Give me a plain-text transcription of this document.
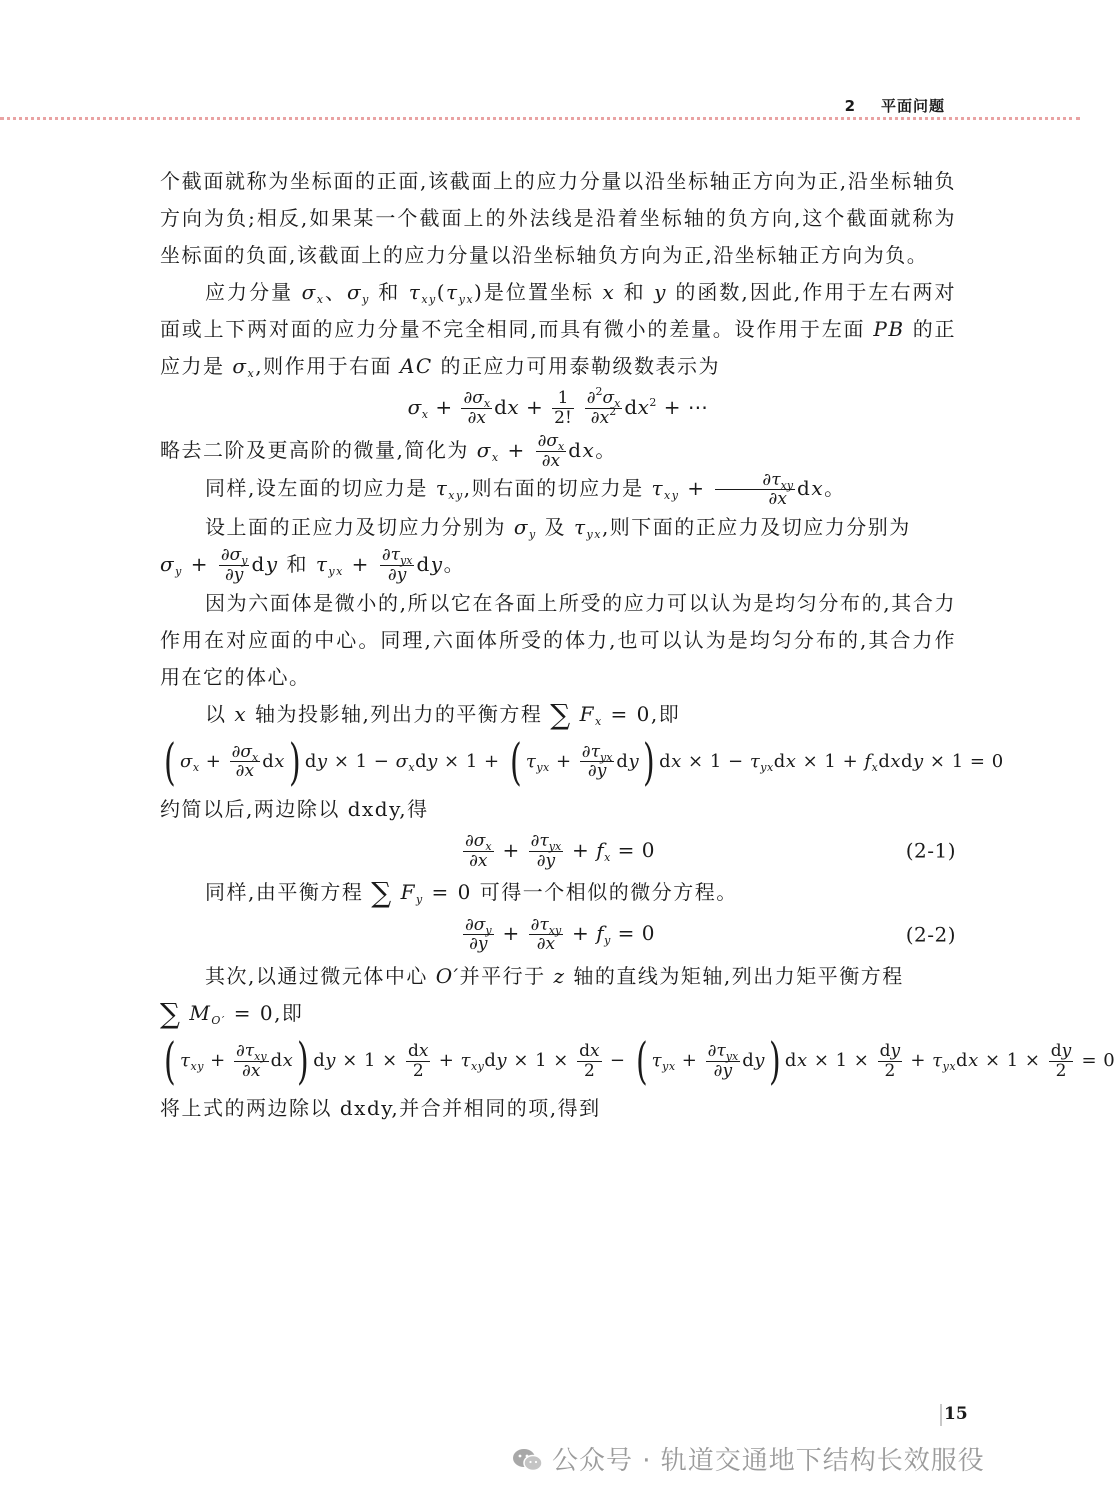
2 平面问题

个截面就称为坐标面的正面,该截面上的应力分量以沿坐标轴正方向为正,沿坐标轴负方向为负;相反,如果某一个截面上的外法线是沿着坐标轴的负方向,这个截面就称为坐标面的负面,该截面上的应力分量以沿坐标轴负方向为正,沿坐标轴正方向为负。

应力分量 $\sigma_x$、$\sigma_y$ 和 $\tau_{xy}(\tau_{yx})$是位置坐标 x 和 y 的函数,因此,作用于左右两对面或上下两对面的应力分量不完全相同,而具有微小的差量。设作用于左面 PB 的正应力是 $\sigma_x$,则作用于右面 AC 的正应力可用泰勒级数表示为

$\sigma_x + \frac{\partial\sigma_x}{\partial x}$ dx + $\frac{1}{2!}$
$\frac{\partial^2\sigma_x}{\partial x^2} dx^2$ + ⋯

略去二阶及更高阶的微量,简化为 $\sigma_x + \frac{\partial\sigma_x}{\partial x}$ dx。

同样,设左面的切应力是 $\tau_{xy}$,则右面的切应力是 $\tau_{xy} + \frac{\partial\tau_{xy}}{\partial x}$ dx。

设上面的正应力及切应力分别为 $\sigma_y$ 及 $\tau_{yx}$,则下面的正应力及切应力分别为

$\sigma_y + \frac{\partial\sigma_y}{\partial y}$ dy 和 $\tau_{yx} + \frac{\partial\tau_{yx}}{\partial y}$ dy。

因为六面体是微小的,所以它在各面上所受的应力可以认为是均匀分布的,其合力作用在对应面的中心。同理,六面体所受的体力,也可以认为是均匀分布的,其合力作用在它的体心。

以 x 轴为投影轴,列出力的平衡方程 ∑ $F_x = 0$,即

( $\sigma_x + \frac{\partial\sigma_x}{\partial x} dx$) dy × $1 - \sigma_xdy \times 1$ + ( $\tau_{yx} + \frac{\partial\tau_{yx}}{\partial y} dy$) dx × $1 - \tau_{yx}dx \times 1$ + $f_xdxdy \times 1 = 0$

约简以后,两边除以 dxdy,得

$\frac{\partial\sigma_x}{\partial x} + \frac{\partial\tau_{yx}}{\partial y} + f_x = 0$	(2-1)

同样,由平衡方程 ∑ $F_y = 0$ 可得一个相似的微分方程。

$\frac{\partial\sigma_y}{\partial y} + \frac{\partial\tau_{xy}}{\partial x} + f_y = 0$	(2-2)

其次,以通过微元体中心 O′并平行于 z 轴的直线为矩轴,列出力矩平衡方程

∑ $M_{O'} = 0$,即

( $\tau_{xy} + \frac{\partial\tau_{xy}}{\partial x} dx$) dy × $1 \times \frac{dx}{2} + \tau_{xy}dy \times 1 \times \frac{dx}{2}$ − ( $\tau_{yx} + \frac{\partial\tau_{yx}}{\partial y} dy$) dx × $1 \times \frac{dy}{2} + \tau_{yx}dx \times 1 \times \frac{dy}{2} = 0$

将上式的两边除以 dxdy,并合并相同的项,得到

15
公众号 · 轨道交通地下结构长效服役
